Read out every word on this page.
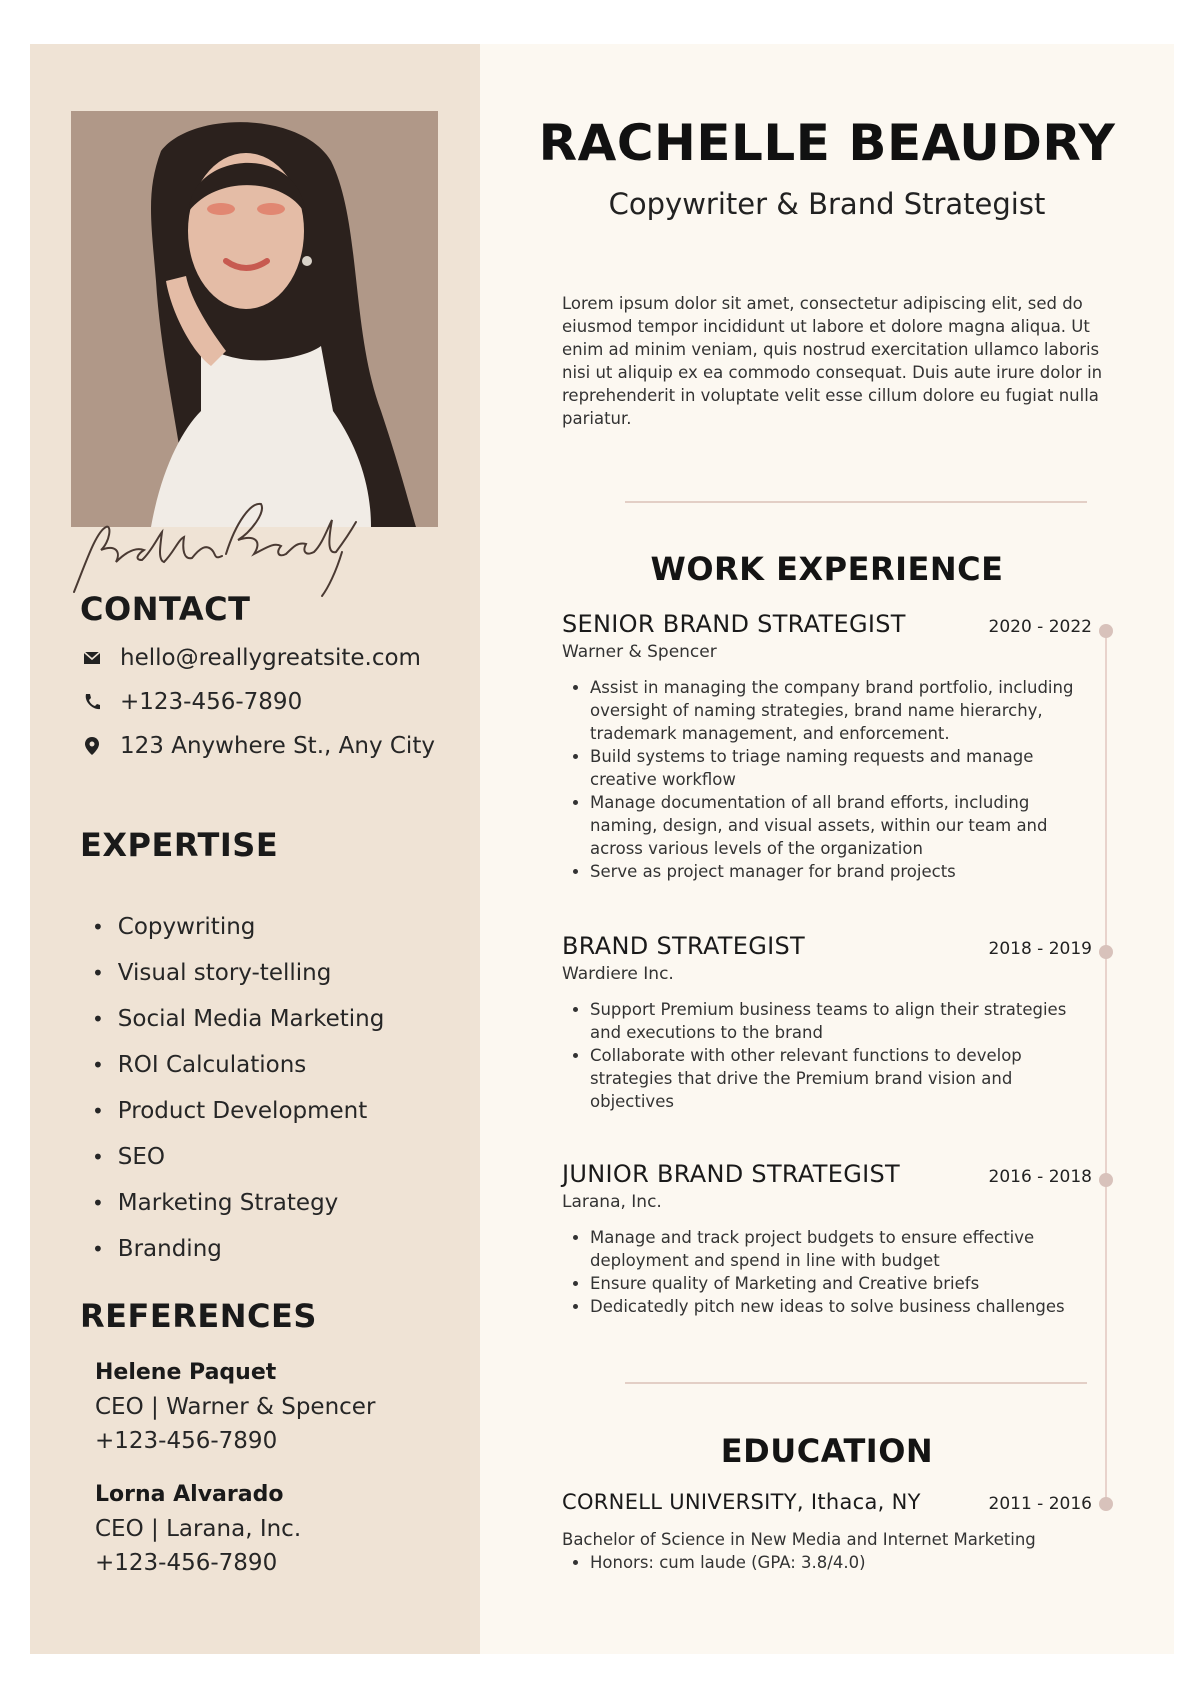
CONTACT
hello@reallygreatsite.com
+123-456-7890
123 Anywhere St., Any City
EXPERTISE
• Copywriting
• Visual story-telling
• Social Media Marketing
• ROI Calculations
• Product Development
• SEO
• Marketing Strategy
• Branding
REFERENCES
Helene Paquet
CEO | Warner & Spencer
+123-456-7890
Lorna Alvarado
CEO | Larana, Inc.
+123-456-7890
RACHELLE BEAUDRY
Copywriter & Brand Strategist
Lorem ipsum dolor sit amet, consectetur adipiscing elit, sed do eiusmod tempor incididunt ut labore et dolore magna aliqua. Ut enim ad minim veniam, quis nostrud exercitation ullamco laboris nisi ut aliquip ex ea commodo consequat. Duis aute irure dolor in reprehenderit in voluptate velit esse cillum dolore eu fugiat nulla pariatur.
WORK EXPERIENCE
SENIOR BRAND STRATEGIST	2020 - 2022
Warner & Spencer
• Assist in managing the company brand portfolio, including oversight of naming strategies, brand name hierarchy, trademark management, and enforcement.
• Build systems to triage naming requests and manage creative workflow
• Manage documentation of all brand efforts, including naming, design, and visual assets, within our team and across various levels of the organization
• Serve as project manager for brand projects
BRAND STRATEGIST	2018 - 2019
Wardiere Inc.
• Support Premium business teams to align their strategies and executions to the brand
• Collaborate with other relevant functions to develop strategies that drive the Premium brand vision and objectives
JUNIOR BRAND STRATEGIST	2016 - 2018
Larana, Inc.
• Manage and track project budgets to ensure effective deployment and spend in line with budget
• Ensure quality of Marketing and Creative briefs
• Dedicatedly pitch new ideas to solve business challenges
EDUCATION
CORNELL UNIVERSITY, Ithaca, NY	2011 - 2016
Bachelor of Science in New Media and Internet Marketing
• Honors: cum laude (GPA: 3.8/4.0)
